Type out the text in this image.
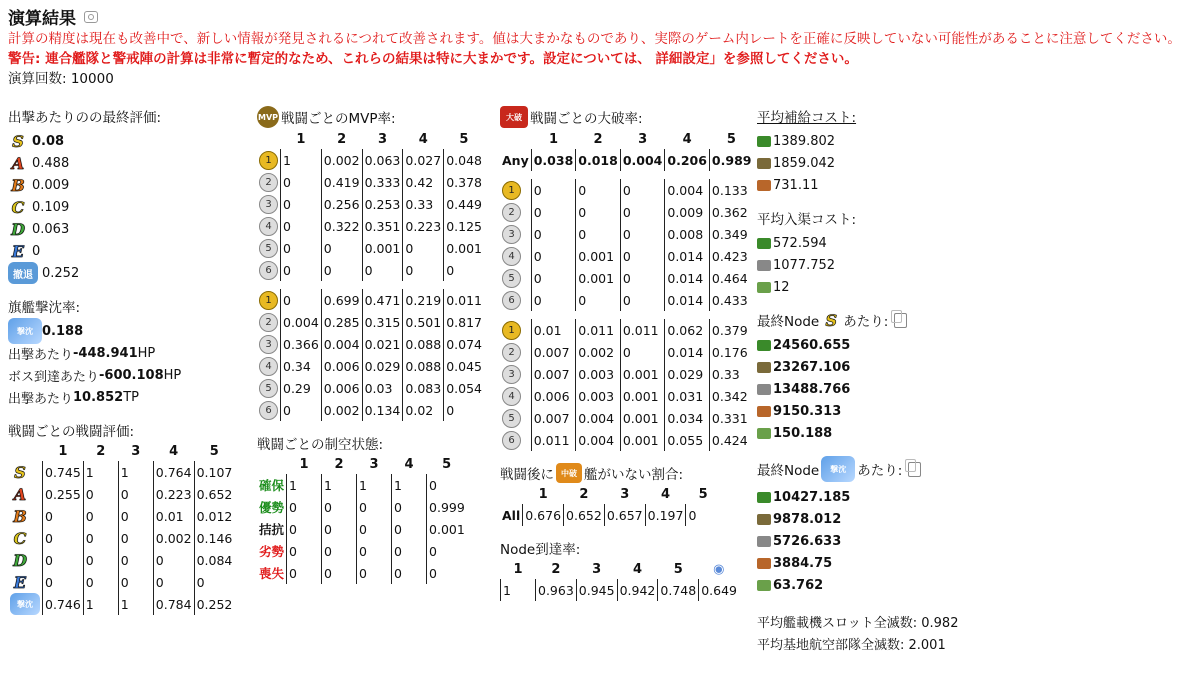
演算結果
計算の精度は現在も改善中で、新しい情報が発見されるにつれて改善されます。値は大まかなものであり、実際のゲーム内レートを正確に反映していない可能性があることに注意してください。
警告: 連合艦隊と警戒陣の計算は非常に暫定的なため、これらの結果は特に大まかです。設定については、 詳細設定」を参照してください。
演算回数: 10000
出撃あたりのの最終評価:
S 0.08
A 0.488
B 0.009
C 0.109
D 0.063
E 0
撤退 0.252
旗艦撃沈率:
撃沈 0.188
出撃あたり -448.941 HP
ボス到達あたり -600.108 HP
出撃あたり 10.852 TP
戦闘ごとの戦闘評価:
	1	2	3	4	5
S	0.745	1	1	0.764	0.107
A	0.255	0	0	0.223	0.652
B	0	0	0	0.01	0.012
C	0	0	0	0.002	0.146
D	0	0	0	0	0.084
E	0	0	0	0	0
撃沈	0.746	1	1	0.784	0.252
MVP 戦闘ごとのMVP率:
	1	2	3	4	5
1	1	0.002	0.063	0.027	0.048
2	0	0.419	0.333	0.42	0.378
3	0	0.256	0.253	0.33	0.449
4	0	0.322	0.351	0.223	0.125
5	0	0	0.001	0	0.001
6	0	0	0	0	0

1	0	0.699	0.471	0.219	0.011
2	0.004	0.285	0.315	0.501	0.817
3	0.366	0.004	0.021	0.088	0.074
4	0.34	0.006	0.029	0.088	0.045
5	0.29	0.006	0.03	0.083	0.054
6	0	0.002	0.134	0.02	0
戦闘ごとの制空状態:
	1	2	3	4	5
確保	1	1	1	1	0
優勢	0	0	0	0	0.999
拮抗	0	0	0	0	0.001
劣勢	0	0	0	0	0
喪失	0	0	0	0	0
大破 戦闘ごとの大破率:
	1	2	3	4	5
Any	0.038	0.018	0.004	0.206	0.989

1	0	0	0	0.004	0.133
2	0	0	0	0.009	0.362
3	0	0	0	0.008	0.349
4	0	0.001	0	0.014	0.423
5	0	0.001	0	0.014	0.464
6	0	0	0	0.014	0.433

1	0.01	0.011	0.011	0.062	0.379
2	0.007	0.002	0	0.014	0.176
3	0.007	0.003	0.001	0.029	0.33
4	0.006	0.003	0.001	0.031	0.342
5	0.007	0.004	0.001	0.034	0.331
6	0.011	0.004	0.001	0.055	0.424
戦闘後に 中破 艦がいない割合:
	1	2	3	4	5
All	0.676	0.652	0.657	0.197	0
Node到達率:
1	2	3	4	5	◉
1	0.963	0.945	0.942	0.748	0.649
平均補給コスト:
1389.802
1859.042
731.11
平均入渠コスト:
572.594
1077.752
12
最終Node S あたり:
24560.655
23267.106
13488.766
9150.313
150.188
最終Node	撃沈 あたり:
10427.185
9878.012
5726.633
3884.75
63.762
平均艦載機スロット全滅数: 0.982
平均基地航空部隊全滅数: 2.001
